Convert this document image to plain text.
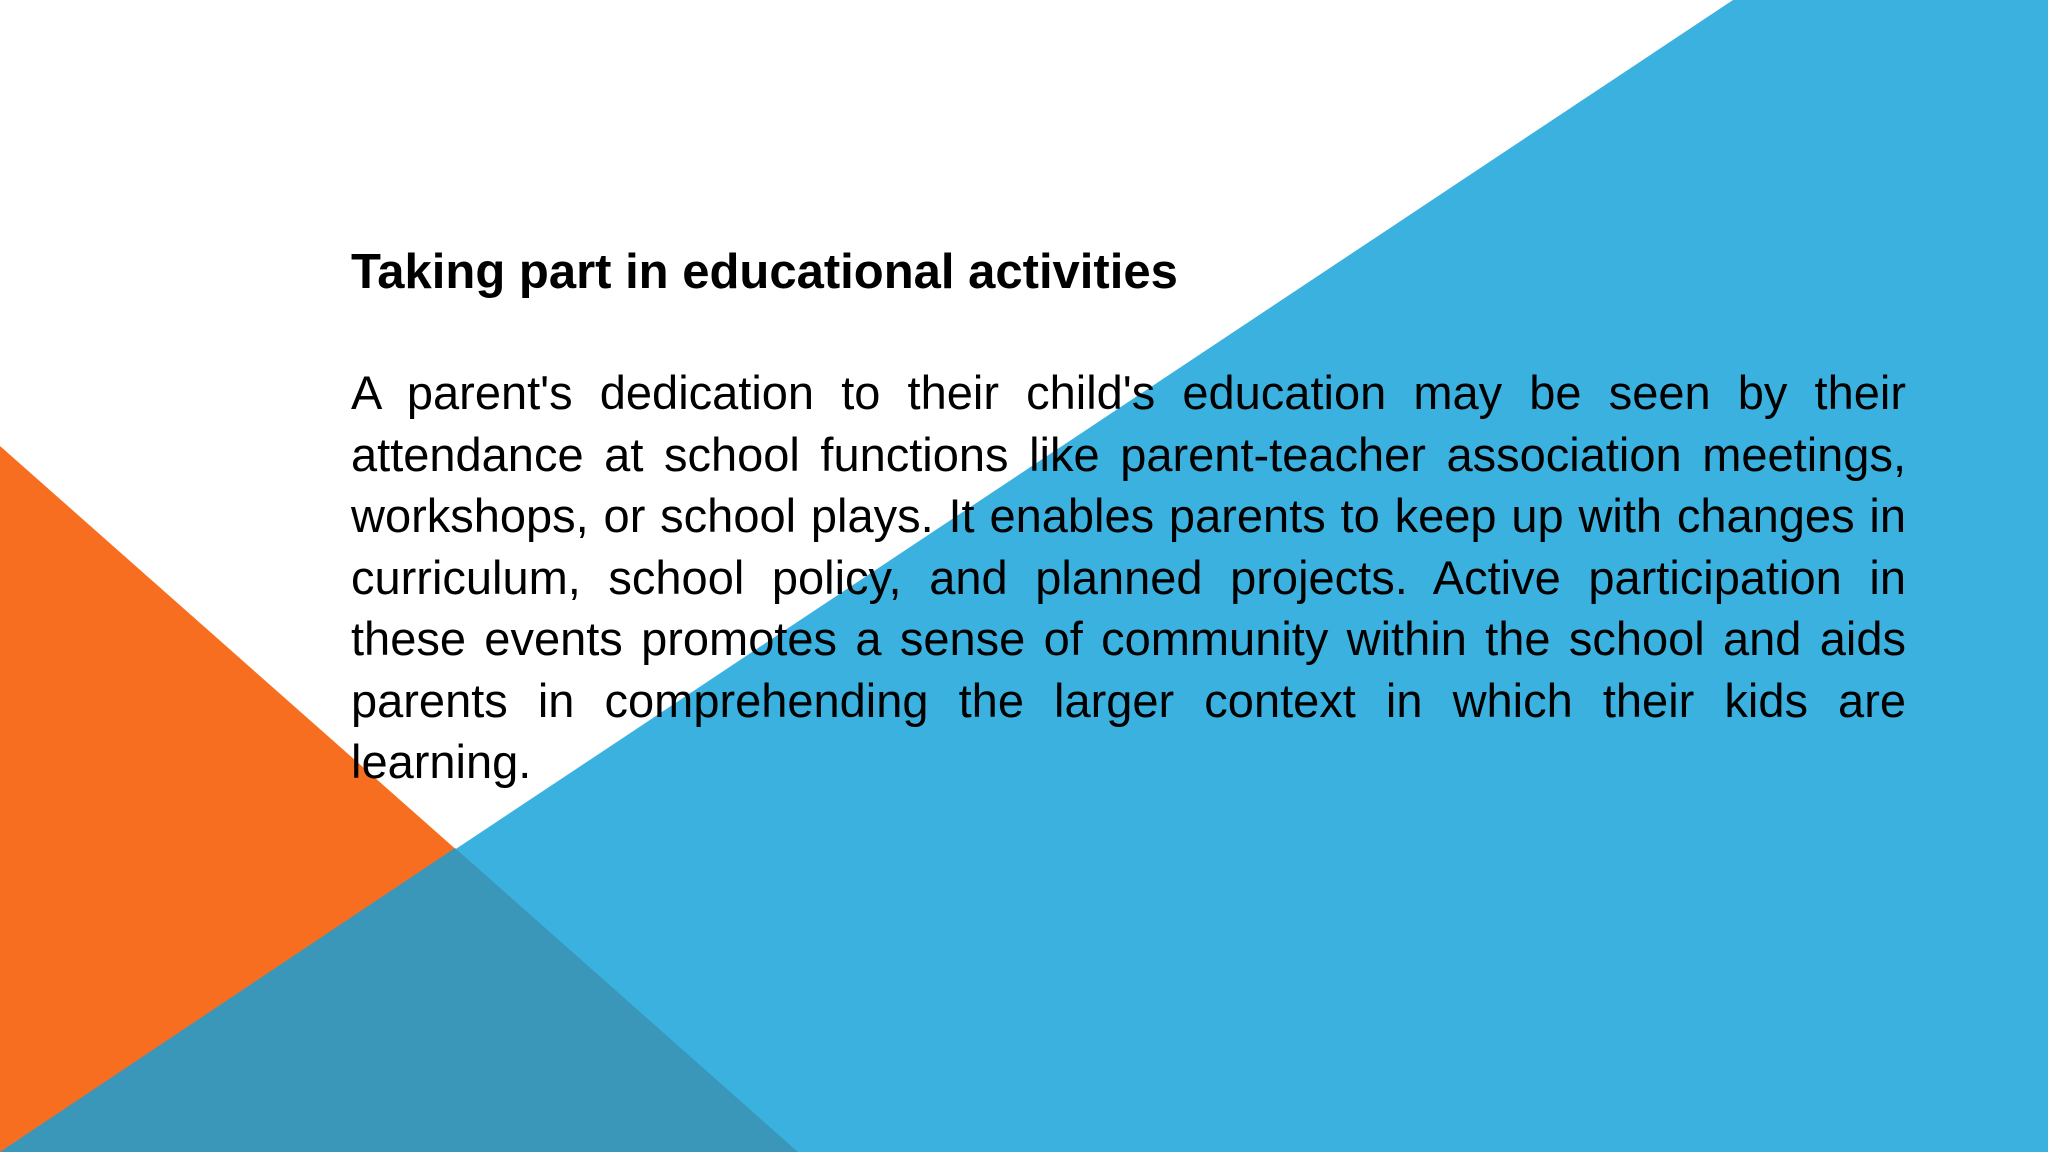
Taking part in educational activities

A parent's dedication to their child's education may be seen by their attendance at school functions like parent-teacher association meetings, workshops, or school plays. It enables parents to keep up with changes in curriculum, school policy, and planned projects. Active participation in these events promotes a sense of community within the school and aids parents in comprehending the larger context in which their kids are learning.
